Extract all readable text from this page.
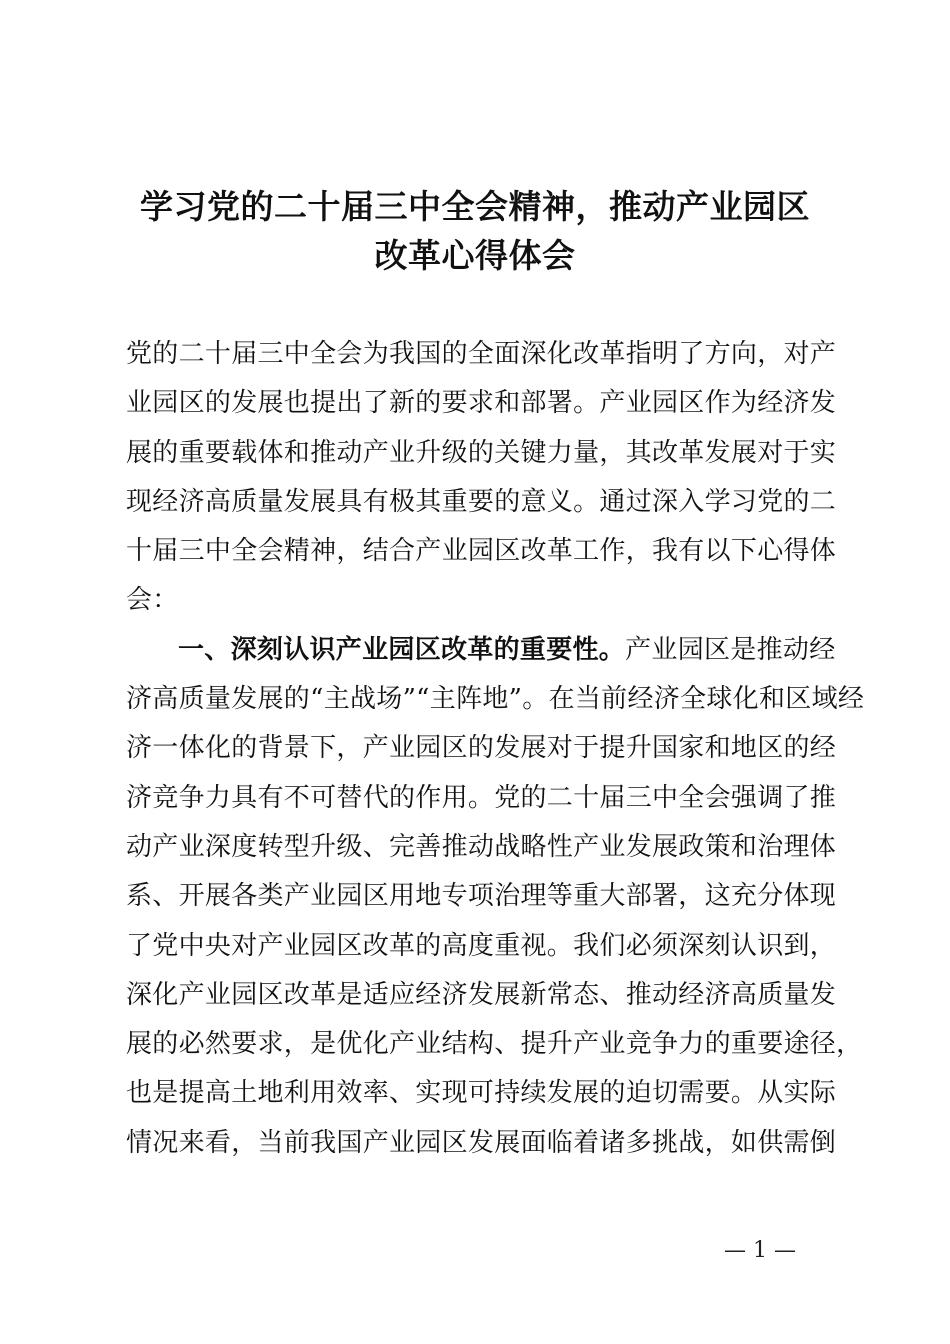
学习党的二十届三中全会精神，推动产业园区
改革心得体会
党的二十届三中全会为我国的全面深化改革指明了方向，对产
业园区的发展也提出了新的要求和部署。产业园区作为经济发
展的重要载体和推动产业升级的关键力量，其改革发展对于实
现经济高质量发展具有极其重要的意义。通过深入学习党的二
十届三中全会精神，结合产业园区改革工作，我有以下心得体
会：
一、深刻认识产业园区改革的重要性。产业园区是推动经
济高质量发展的“主战场”“主阵地”。在当前经济全球化和区域经
济一体化的背景下，产业园区的发展对于提升国家和地区的经
济竞争力具有不可替代的作用。党的二十届三中全会强调了推
动产业深度转型升级、完善推动战略性产业发展政策和治理体
系、开展各类产业园区用地专项治理等重大部署，这充分体现
了党中央对产业园区改革的高度重视。我们必须深刻认识到，
深化产业园区改革是适应经济发展新常态、推动经济高质量发
展的必然要求，是优化产业结构、提升产业竞争力的重要途径，
也是提高土地利用效率、实现可持续发展的迫切需要。从实际
情况来看，当前我国产业园区发展面临着诸多挑战，如供需倒
— 1 —
